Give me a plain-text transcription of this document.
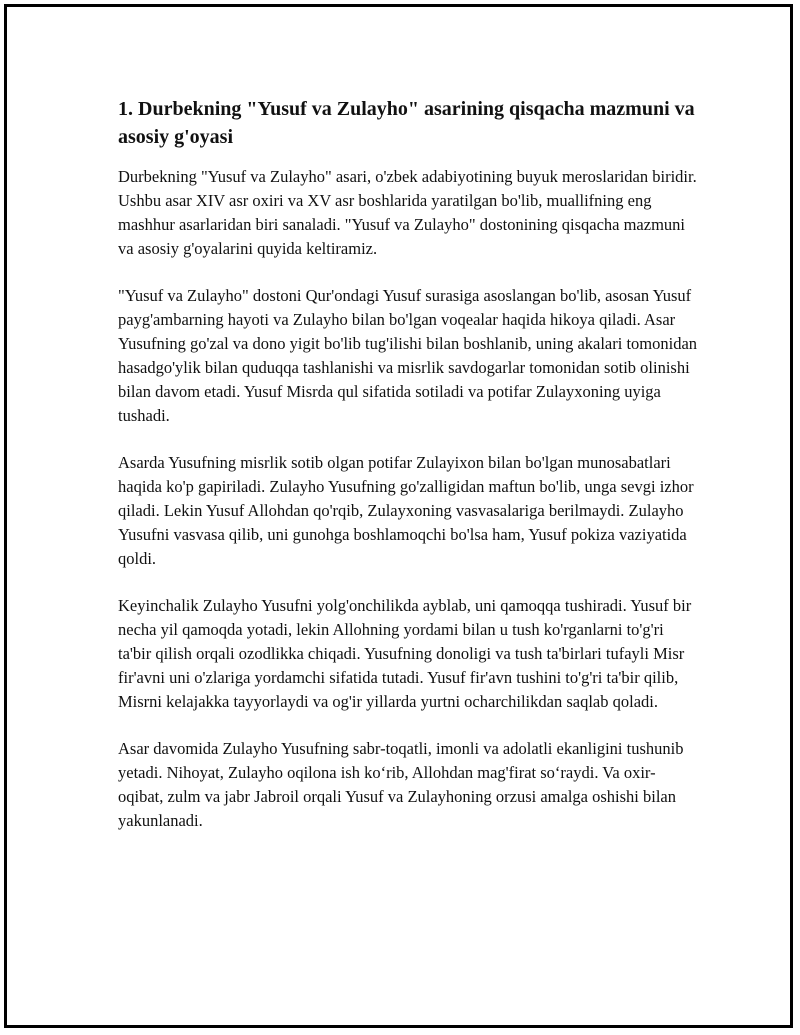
1. Durbekning "Yusuf va Zulayho" asarining qisqacha mazmuni va asosiy g'oyasi

Durbekning "Yusuf va Zulayho" asari, o'zbek adabiyotining buyuk meroslaridan biridir. Ushbu asar XIV asr oxiri va XV asr boshlarida yaratilgan bo'lib, muallifning eng mashhur asarlaridan biri sanaladi. "Yusuf va Zulayho" dostonining qisqacha mazmuni va asosiy g'oyalarini quyida keltiramiz.

"Yusuf va Zulayho" dostoni Qur'ondagi Yusuf surasiga asoslangan bo'lib, asosan Yusuf payg'ambarning hayoti va Zulayho bilan bo'lgan voqealar haqida hikoya qiladi. Asar Yusufning go'zal va dono yigit bo'lib tug'ilishi bilan boshlanib, uning akalari tomonidan hasadgo'ylik bilan quduqqa tashlanishi va misrlik savdogarlar tomonidan sotib olinishi bilan davom etadi. Yusuf Misrda qul sifatida sotiladi va potifar Zulayxoning uyiga tushadi.

Asarda Yusufning misrlik sotib olgan potifar Zulayixon bilan bo'lgan munosabatlari haqida ko'p gapiriladi. Zulayho Yusufning go'zalligidan maftun bo'lib, unga sevgi izhor qiladi. Lekin Yusuf Allohdan qo'rqib, Zulayxoning vasvasalariga berilmaydi. Zulayho Yusufni vasvasa qilib, uni gunohga boshlamoqchi bo'lsa ham, Yusuf pokiza vaziyatida qoldi.

Keyinchalik Zulayho Yusufni yolg'onchilikda ayblab, uni qamoqqa tushiradi. Yusuf bir necha yil qamoqda yotadi, lekin Allohning yordami bilan u tush ko'rganlarni to'g'ri ta'bir qilish orqali ozodlikka chiqadi. Yusufning donoligi va tush ta'birlari tufayli Misr fir'avni uni o'zlariga yordamchi sifatida tutadi. Yusuf fir'avn tushini to'g'ri ta'bir qilib, Misrni kelajakka tayyorlaydi va og'ir yillarda yurtni ocharchilikdan saqlab qoladi.

Asar davomida Zulayho Yusufning sabr-toqatli, imonli va adolatli ekanligini tushunib yetadi. Nihoyat, Zulayho oqilona ish ko‘rib, Allohdan mag'firat so‘raydi. Va oxir-oqibat, zulm va jabr Jabroil orqali Yusuf va Zulayhoning orzusi amalga oshishi bilan yakunlanadi.
